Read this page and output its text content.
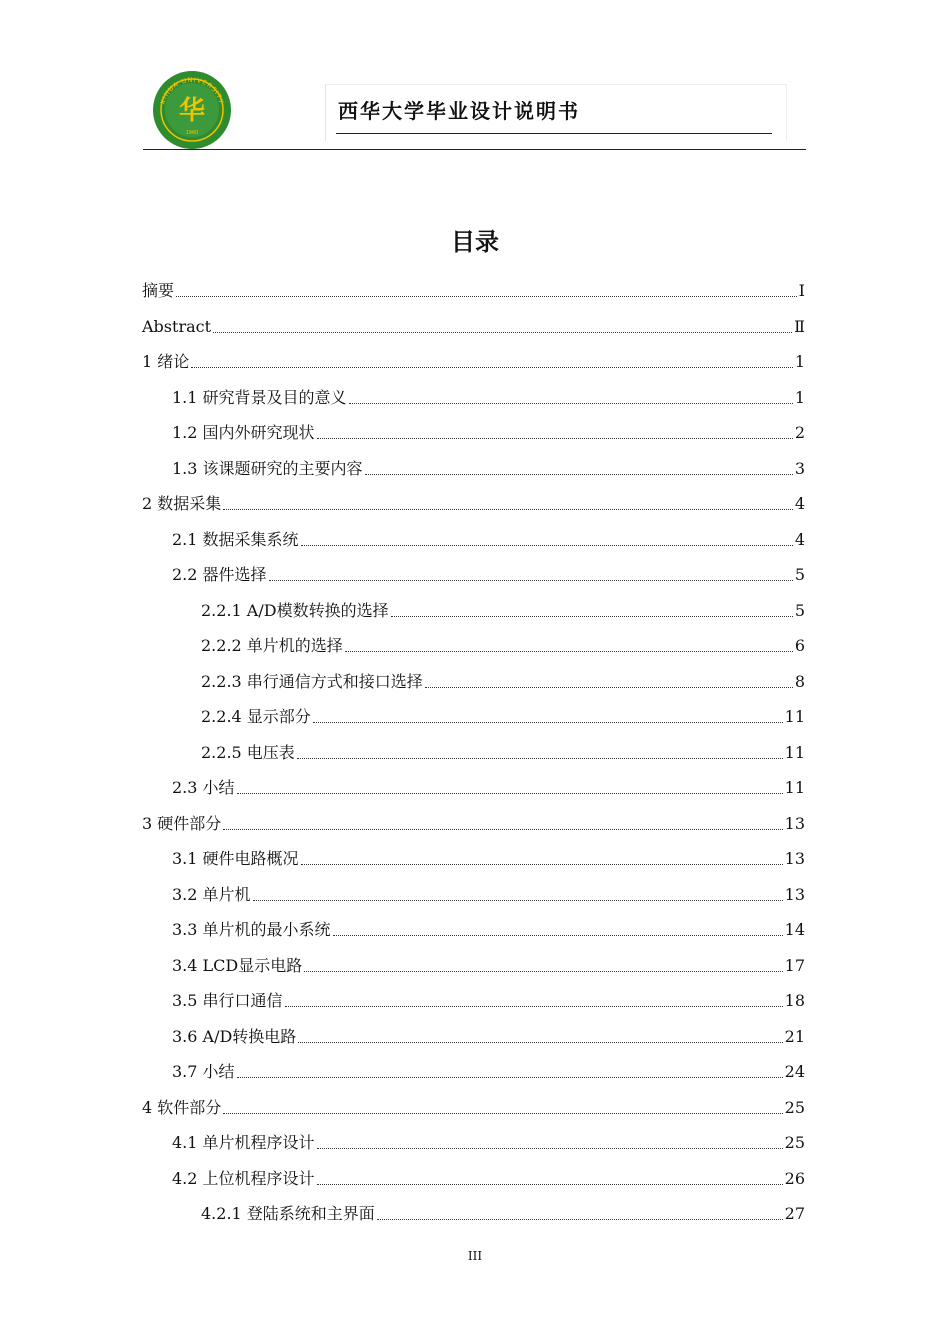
XIHUA UNIVERSITY
华
1960
西华大学毕业设计说明书
目录
摘要	Ⅰ
Abstract	Ⅱ
1 绪论	1
1.1 研究背景及目的意义	1
1.2 国内外研究现状	2
1.3 该课题研究的主要内容	3
2 数据采集	4
2.1 数据采集系统	4
2.2 器件选择	5
2.2.1 A/D模数转换的选择	5
2.2.2 单片机的选择	6
2.2.3 串行通信方式和接口选择	8
2.2.4 显示部分	11
2.2.5 电压表	11
2.3 小结	11
3 硬件部分	13
3.1 硬件电路概况	13
3.2 单片机	13
3.3 单片机的最小系统	14
3.4 LCD显示电路	17
3.5 串行口通信	18
3.6 A/D转换电路	21
3.7 小结	24
4 软件部分	25
4.1 单片机程序设计	25
4.2 上位机程序设计	26
4.2.1 登陆系统和主界面	27
III
